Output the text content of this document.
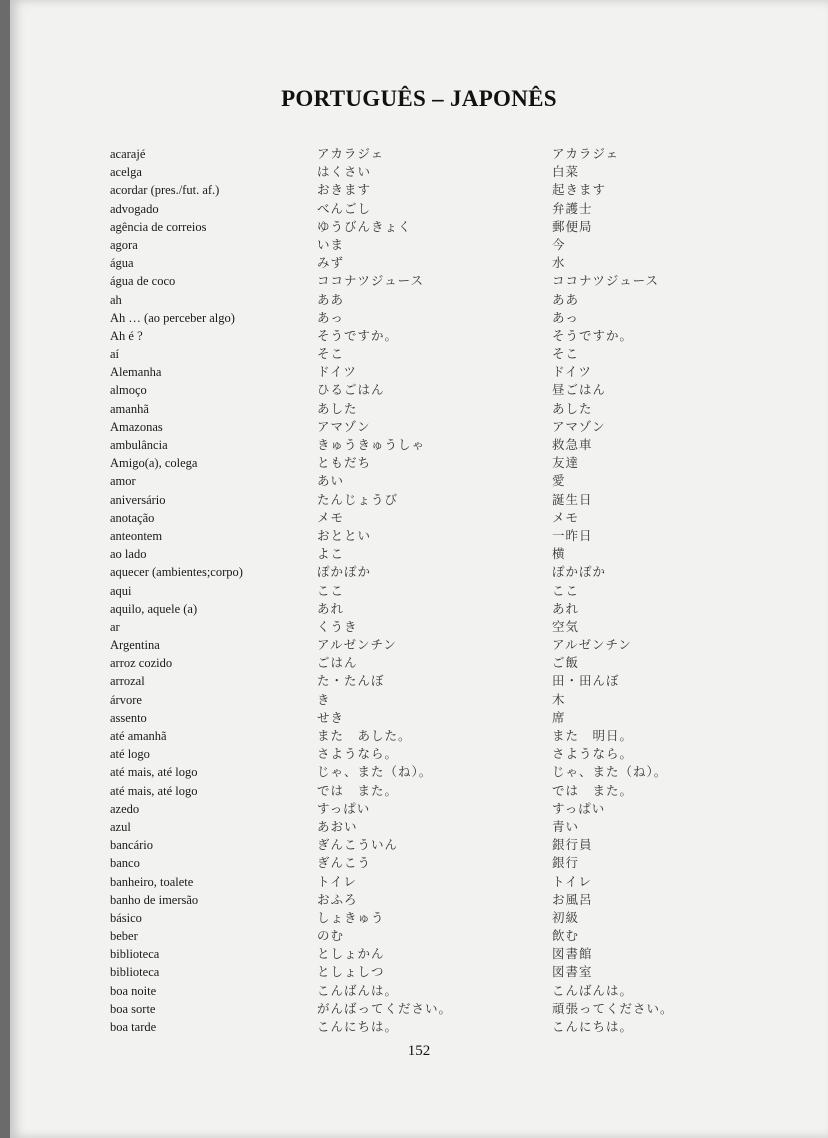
PORTUGUÊS – JAPONÊS
acarajé	アカラジェ	アカラジェ
acelga	はくさい	白菜
acordar (pres./fut. af.)	おきます	起きます
advogado	べんごし	弁護士
agência de correios	ゆうびんきょく	郵便局
agora	いま	今
água	みず	水
água de coco	ココナツジュース	ココナツジュース
ah	ああ	ああ
Ah … (ao perceber algo)	あっ	あっ
Ah é ?	そうですか。	そうですか。
aí	そこ	そこ
Alemanha	ドイツ	ドイツ
almoço	ひるごはん	昼ごはん
amanhã	あした	あした
Amazonas	アマゾン	アマゾン
ambulância	きゅうきゅうしゃ	救急車
Amigo(a), colega	ともだち	友達
amor	あい	愛
aniversário	たんじょうび	誕生日
anotação	メモ	メモ
anteontem	おととい	一昨日
ao lado	よこ	横
aquecer (ambientes;corpo)	ぽかぽか	ぽかぽか
aqui	ここ	ここ
aquilo, aquele (a)	あれ	あれ
ar	くうき	空気
Argentina	アルゼンチン	アルゼンチン
arroz cozido	ごはん	ご飯
arrozal	た・たんぼ	田・田んぼ
árvore	き	木
assento	せき	席
até amanhã	また　あした。	また　明日。
até logo	さようなら。	さようなら。
até mais, até logo	じゃ、また（ね）。	じゃ、また（ね）。
até mais, até logo	では　また。	では　また。
azedo	すっぱい	すっぱい
azul	あおい	青い
bancário	ぎんこういん	銀行員
banco	ぎんこう	銀行
banheiro, toalete	トイレ	トイレ
banho de imersão	おふろ	お風呂
básico	しょきゅう	初級
beber	のむ	飲む
biblioteca	としょかん	図書館
biblioteca	としょしつ	図書室
boa noite	こんばんは。	こんばんは。
boa sorte	がんばってください。	頑張ってください。
boa tarde	こんにちは。	こんにちは。
152
